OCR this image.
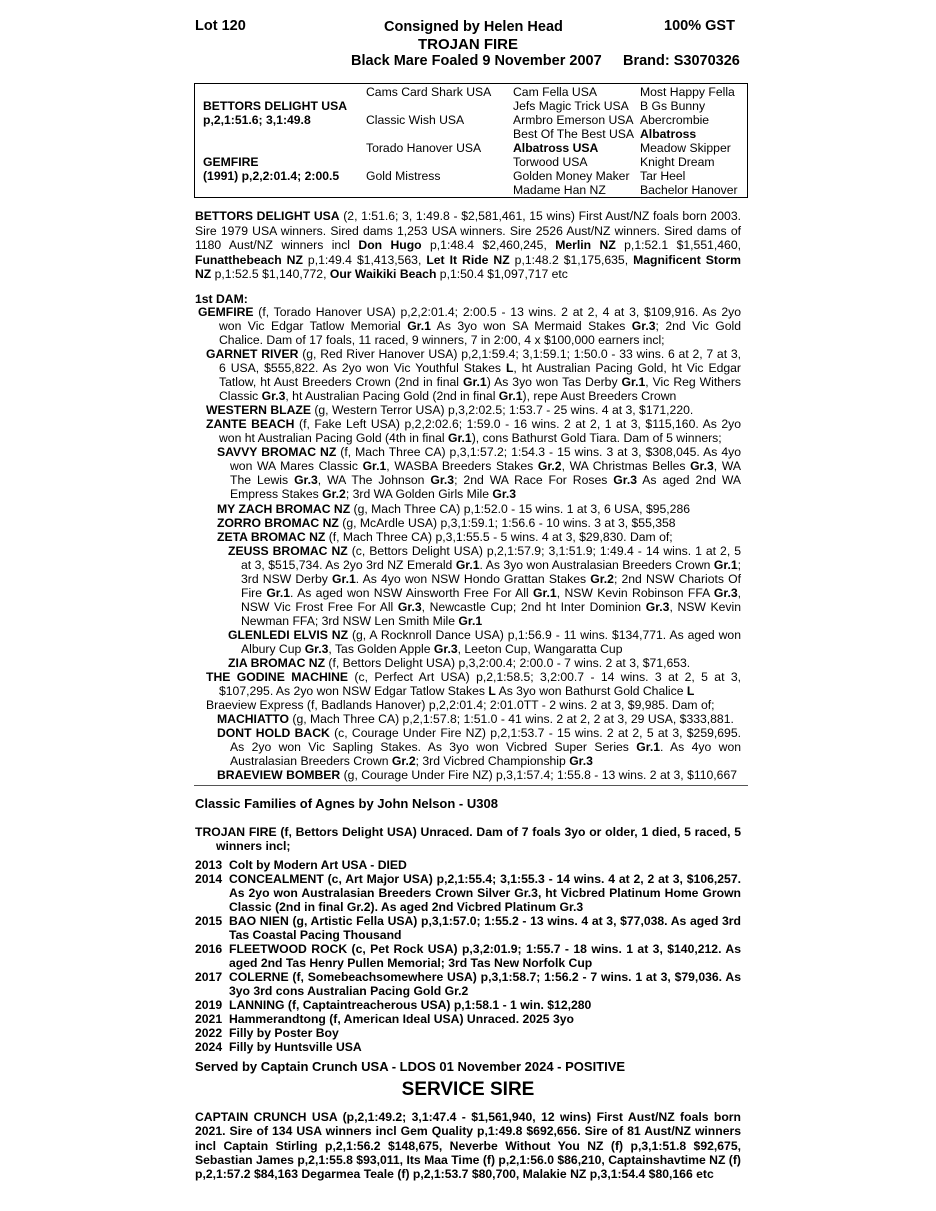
Lot 120	Consigned by Helen Head	100% GST
TROJAN FIRE
Black Mare Foaled 9 November 2007 Brand: S3070326
BETTORS DELIGHT USA
p,2,1:51.6; 3,1:49.8
GEMFIRE
(1991) p,2,2:01.4; 2:00.5
Cams Card Shark USA
Classic Wish USA
Torado Hanover USA
Gold Mistress
Cam Fella USA
Jefs Magic Trick USA
Armbro Emerson USA
Best Of The Best USA
Albatross USA
Torwood USA
Golden Money Maker
Madame Han NZ
Most Happy Fella
B Gs Bunny
Abercrombie
Albatross
Meadow Skipper
Knight Dream
Tar Heel
Bachelor Hanover

BETTORS DELIGHT USA (2, 1:51.6; 3, 1:49.8 - $2,581,461, 15 wins) First Aust/NZ foals born 2003. Sire 1979 USA winners. Sired dams 1,253 USA winners. Sire 2526 Aust/NZ winners. Sired dams of 1180 Aust/NZ winners incl Don Hugo p,1:48.4 $2,460,245, Merlin NZ p,1:52.1 $1,551,460, Funatthebeach NZ p,1:49.4 $1,413,563, Let It Ride NZ p,1:48.2 $1,175,635, Magnificent Storm NZ p,1:52.5 $1,140,772, Our Waikiki Beach p,1:50.4 $1,097,717 etc

1st DAM:
GEMFIRE (f, Torado Hanover USA) p,2,2:01.4; 2:00.5 - 13 wins. 2 at 2, 4 at 3, $109,916. As 2yo won Vic Edgar Tatlow Memorial Gr.1 As 3yo won SA Mermaid Stakes Gr.3; 2nd Vic Gold Chalice. Dam of 17 foals, 11 raced, 9 winners, 7 in 2:00, 4 x $100,000 earners incl;
GARNET RIVER (g, Red River Hanover USA) p,2,1:59.4; 3,1:59.1; 1:50.0 - 33 wins. 6 at 2, 7 at 3, 6 USA, $555,822. As 2yo won Vic Youthful Stakes L, ht Australian Pacing Gold, ht Vic Edgar Tatlow, ht Aust Breeders Crown (2nd in final Gr.1) As 3yo won Tas Derby Gr.1, Vic Reg Withers Classic Gr.3, ht Australian Pacing Gold (2nd in final Gr.1), repe Aust Breeders Crown
WESTERN BLAZE (g, Western Terror USA) p,3,2:02.5; 1:53.7 - 25 wins. 4 at 3, $171,220.
ZANTE BEACH (f, Fake Left USA) p,2,2:02.6; 1:59.0 - 16 wins. 2 at 2, 1 at 3, $115,160. As 2yo won ht Australian Pacing Gold (4th in final Gr.1), cons Bathurst Gold Tiara. Dam of 5 winners;
SAVVY BROMAC NZ (f, Mach Three CA) p,3,1:57.2; 1:54.3 - 15 wins. 3 at 3, $308,045. As 4yo won WA Mares Classic Gr.1, WASBA Breeders Stakes Gr.2, WA Christmas Belles Gr.3, WA The Lewis Gr.3, WA The Johnson Gr.3; 2nd WA Race For Roses Gr.3 As aged 2nd WA Empress Stakes Gr.2; 3rd WA Golden Girls Mile Gr.3
MY ZACH BROMAC NZ (g, Mach Three CA) p,1:52.0 - 15 wins. 1 at 3, 6 USA, $95,286
ZORRO BROMAC NZ (g, McArdle USA) p,3,1:59.1; 1:56.6 - 10 wins. 3 at 3, $55,358
ZETA BROMAC NZ (f, Mach Three CA) p,3,1:55.5 - 5 wins. 4 at 3, $29,830. Dam of;
ZEUSS BROMAC NZ (c, Bettors Delight USA) p,2,1:57.9; 3,1:51.9; 1:49.4 - 14 wins. 1 at 2, 5 at 3, $515,734. As 2yo 3rd NZ Emerald Gr.1. As 3yo won Australasian Breeders Crown Gr.1; 3rd NSW Derby Gr.1. As 4yo won NSW Hondo Grattan Stakes Gr.2; 2nd NSW Chariots Of Fire Gr.1. As aged won NSW Ainsworth Free For All Gr.1, NSW Kevin Robinson FFA Gr.3, NSW Vic Frost Free For All Gr.3, Newcastle Cup; 2nd ht Inter Dominion Gr.3, NSW Kevin Newman FFA; 3rd NSW Len Smith Mile Gr.1
GLENLEDI ELVIS NZ (g, A Rocknroll Dance USA) p,1:56.9 - 11 wins. $134,771. As aged won Albury Cup Gr.3, Tas Golden Apple Gr.3, Leeton Cup, Wangaratta Cup
ZIA BROMAC NZ (f, Bettors Delight USA) p,3,2:00.4; 2:00.0 - 7 wins. 2 at 3, $71,653.
THE GODINE MACHINE (c, Perfect Art USA) p,2,1:58.5; 3,2:00.7 - 14 wins. 3 at 2, 5 at 3, $107,295. As 2yo won NSW Edgar Tatlow Stakes L As 3yo won Bathurst Gold Chalice L
Braeview Express (f, Badlands Hanover) p,2,2:01.4; 2:01.0TT - 2 wins. 2 at 3, $9,985. Dam of;
MACHIATTO (g, Mach Three CA) p,2,1:57.8; 1:51.0 - 41 wins. 2 at 2, 2 at 3, 29 USA, $333,881.
DONT HOLD BACK (c, Courage Under Fire NZ) p,2,1:53.7 - 15 wins. 2 at 2, 5 at 3, $259,695. As 2yo won Vic Sapling Stakes. As 3yo won Vicbred Super Series Gr.1. As 4yo won Australasian Breeders Crown Gr.2; 3rd Vicbred Championship Gr.3
BRAEVIEW BOMBER (g, Courage Under Fire NZ) p,3,1:57.4; 1:55.8 - 13 wins. 2 at 3, $110,667
Classic Families of Agnes by John Nelson - U308
TROJAN FIRE (f, Bettors Delight USA) Unraced. Dam of 7 foals 3yo or older, 1 died, 5 raced, 5 winners incl;
2013 Colt by Modern Art USA - DIED
2014 CONCEALMENT (c, Art Major USA) p,2,1:55.4; 3,1:55.3 - 14 wins. 4 at 2, 2 at 3, $106,257. As 2yo won Australasian Breeders Crown Silver Gr.3, ht Vicbred Platinum Home Grown Classic (2nd in final Gr.2). As aged 2nd Vicbred Platinum Gr.3
2015 BAO NIEN (g, Artistic Fella USA) p,3,1:57.0; 1:55.2 - 13 wins. 4 at 3, $77,038. As aged 3rd Tas Coastal Pacing Thousand
2016 FLEETWOOD ROCK (c, Pet Rock USA) p,3,2:01.9; 1:55.7 - 18 wins. 1 at 3, $140,212. As aged 2nd Tas Henry Pullen Memorial; 3rd Tas New Norfolk Cup
2017 COLERNE (f, Somebeachsomewhere USA) p,3,1:58.7; 1:56.2 - 7 wins. 1 at 3, $79,036. As 3yo 3rd cons Australian Pacing Gold Gr.2
2019 LANNING (f, Captaintreacherous USA) p,1:58.1 - 1 win. $12,280
2021 Hammerandtong (f, American Ideal USA) Unraced. 2025 3yo
2022 Filly by Poster Boy
2024 Filly by Huntsville USA
Served by Captain Crunch USA - LDOS 01 November 2024 - POSITIVE
SERVICE SIRE
CAPTAIN CRUNCH USA (p,2,1:49.2; 3,1:47.4 - $1,561,940, 12 wins) First Aust/NZ foals born 2021. Sire of 134 USA winners incl Gem Quality p,1:49.8 $692,656. Sire of 81 Aust/NZ winners incl Captain Stirling p,2,1:56.2 $148,675, Neverbe Without You NZ (f) p,3,1:51.8 $92,675, Sebastian James p,2,1:55.8 $93,011, Its Maa Time (f) p,2,1:56.0 $86,210, Captainshavtime NZ (f) p,2,1:57.2 $84,163 Degarmea Teale (f) p,2,1:53.7 $80,700, Malakie NZ p,3,1:54.4 $80,166 etc
